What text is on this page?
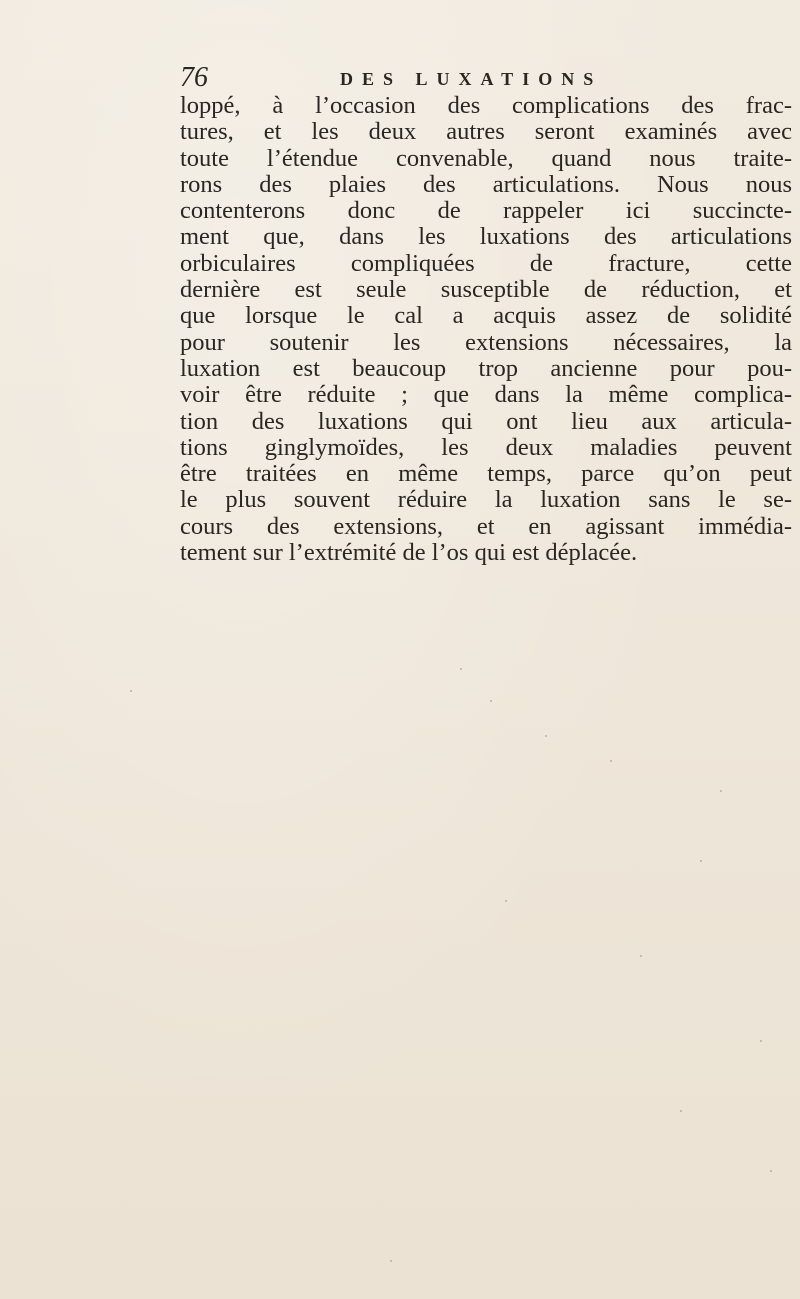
76	DES LUXATIONS
loppé, à l’occasion des complications des frac-
tures, et les deux autres seront examinés avec
toute l’étendue convenable, quand nous traite-
rons des plaies des articulations. Nous nous
contenterons donc de rappeler ici succincte-
ment que, dans les luxations des articulations
orbiculaires compliquées de fracture, cette
dernière est seule susceptible de réduction, et
que lorsque le cal a acquis assez de solidité
pour soutenir les extensions nécessaires, la
luxation est beaucoup trop ancienne pour pou-
voir être réduite ; que dans la même complica-
tion des luxations qui ont lieu aux articula-
tions ginglymoïdes, les deux maladies peuvent
être traitées en même temps, parce qu’on peut
le plus souvent réduire la luxation sans le se-
cours des extensions, et en agissant immédia-
tement sur l’extrémité de l’os qui est déplacée.
